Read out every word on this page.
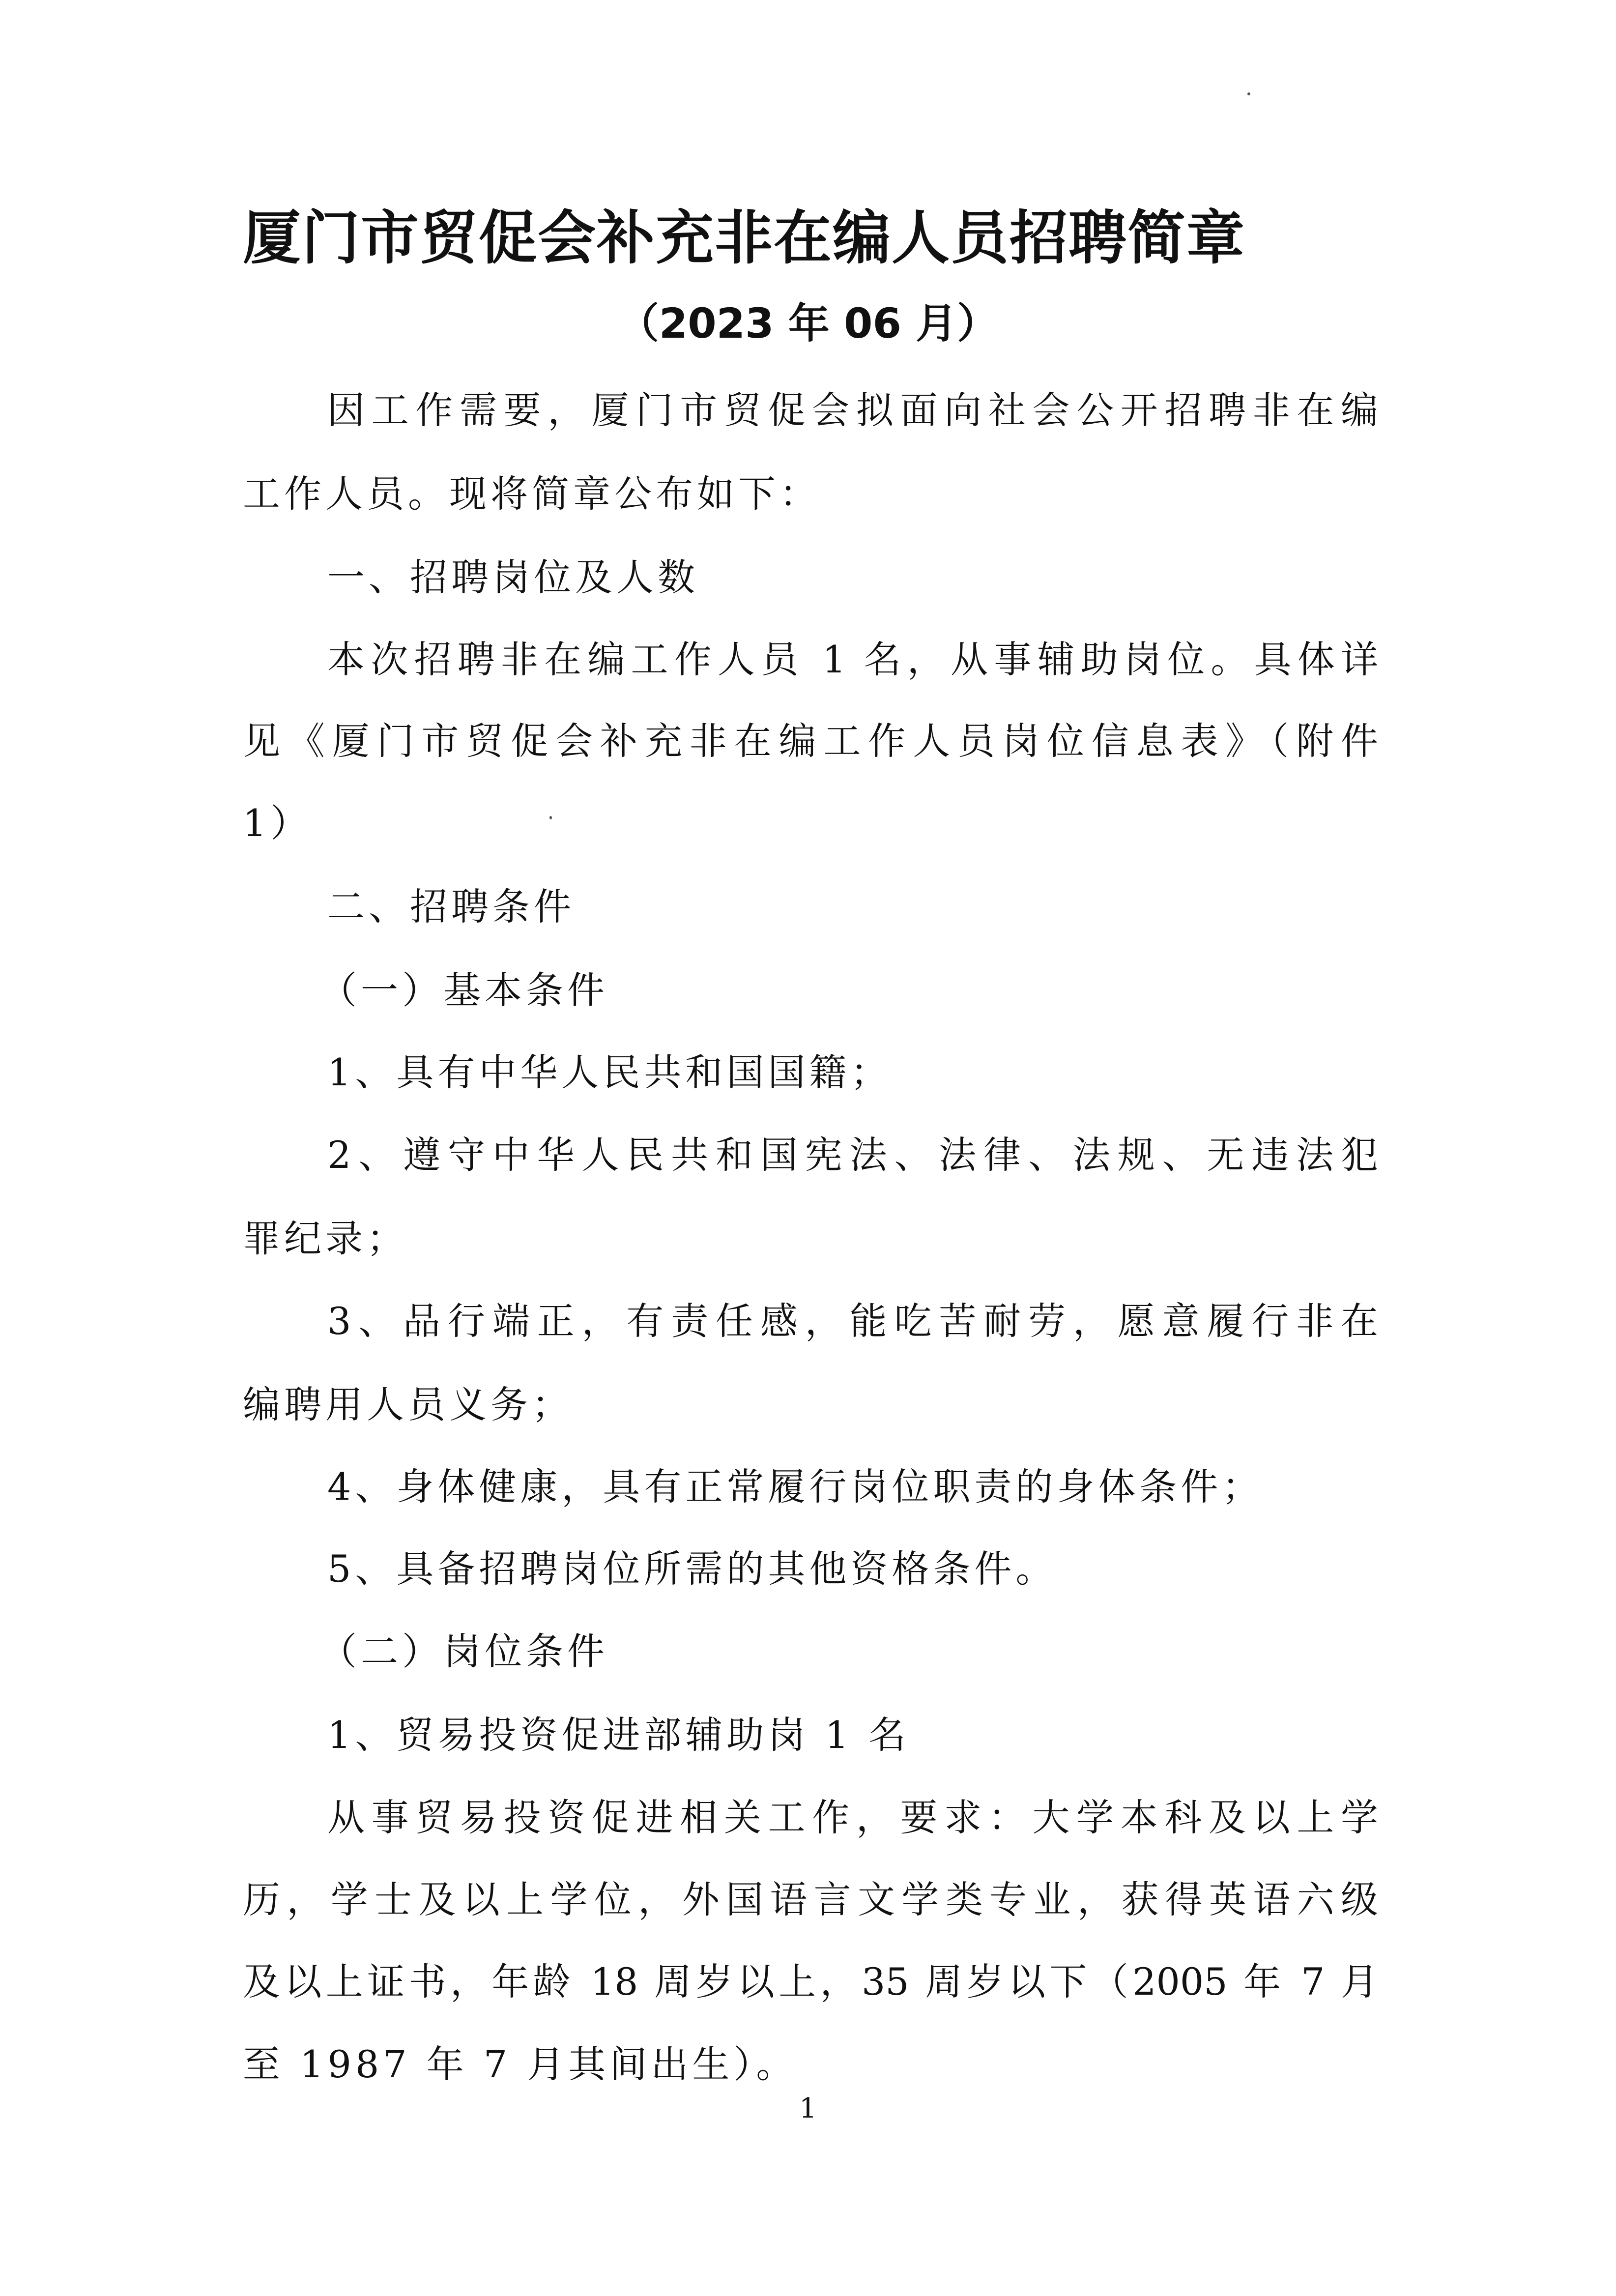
厦门市贸促会补充非在编人员招聘简章
（2023 年 06 月）
因工作需要，厦门市贸促会拟面向社会公开招聘非在编
工作人员。现将简章公布如下：
一、招聘岗位及人数
本次招聘非在编工作人员 1 名，从事辅助岗位。具体详
见《厦门市贸促会补充非在编工作人员岗位信息表》（附件
1）
二、招聘条件
（一）基本条件
1、具有中华人民共和国国籍；
2、遵守中华人民共和国宪法、法律、法规、无违法犯
罪纪录；
3、品行端正，有责任感，能吃苦耐劳，愿意履行非在
编聘用人员义务；
4、身体健康，具有正常履行岗位职责的身体条件；
5、具备招聘岗位所需的其他资格条件。
（二）岗位条件
1、贸易投资促进部辅助岗 1 名
从事贸易投资促进相关工作，要求：大学本科及以上学
历，学士及以上学位，外国语言文学类专业，获得英语六级
及以上证书，年龄 18 周岁以上，35 周岁以下（2005 年 7 月
至 1987 年 7 月其间出生）。
1
